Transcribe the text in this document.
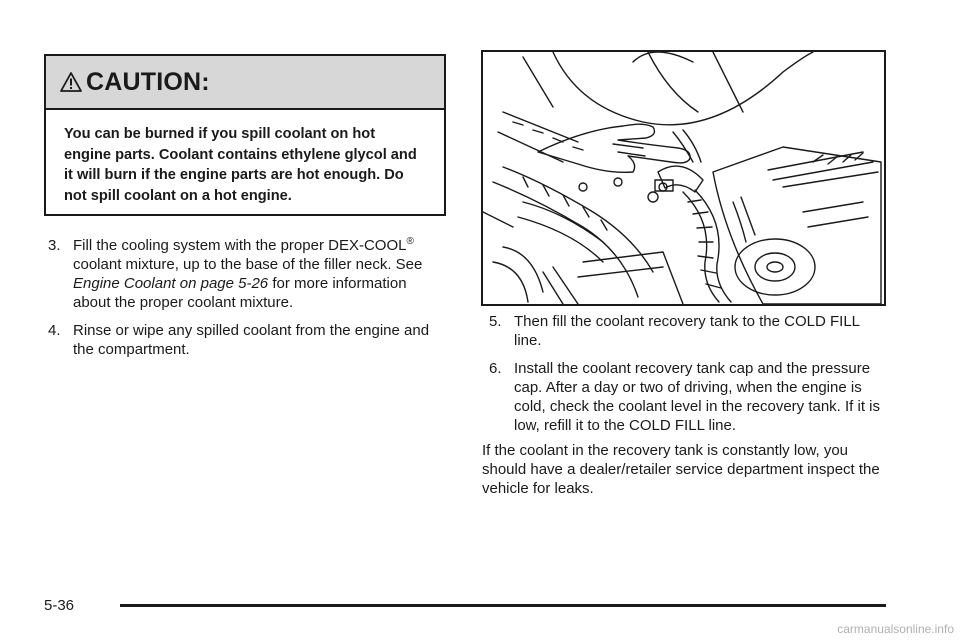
CAUTION:
You can be burned if you spill coolant on hot engine parts. Coolant contains ethylene glycol and it will burn if the engine parts are hot enough. Do not spill coolant on a hot engine.
3. Fill the cooling system with the proper DEX-COOL® coolant mixture, up to the base of the filler neck. See Engine Coolant on page 5-26 for more information about the proper coolant mixture.
4. Rinse or wipe any spilled coolant from the engine and the compartment.
5. Then fill the coolant recovery tank to the COLD FILL line.
6. Install the coolant recovery tank cap and the pressure cap. After a day or two of driving, when the engine is cold, check the coolant level in the recovery tank. If it is low, refill it to the COLD FILL line.
If the coolant in the recovery tank is constantly low, you should have a dealer/retailer service department inspect the vehicle for leaks.
5-36
carmanualsonline.info
